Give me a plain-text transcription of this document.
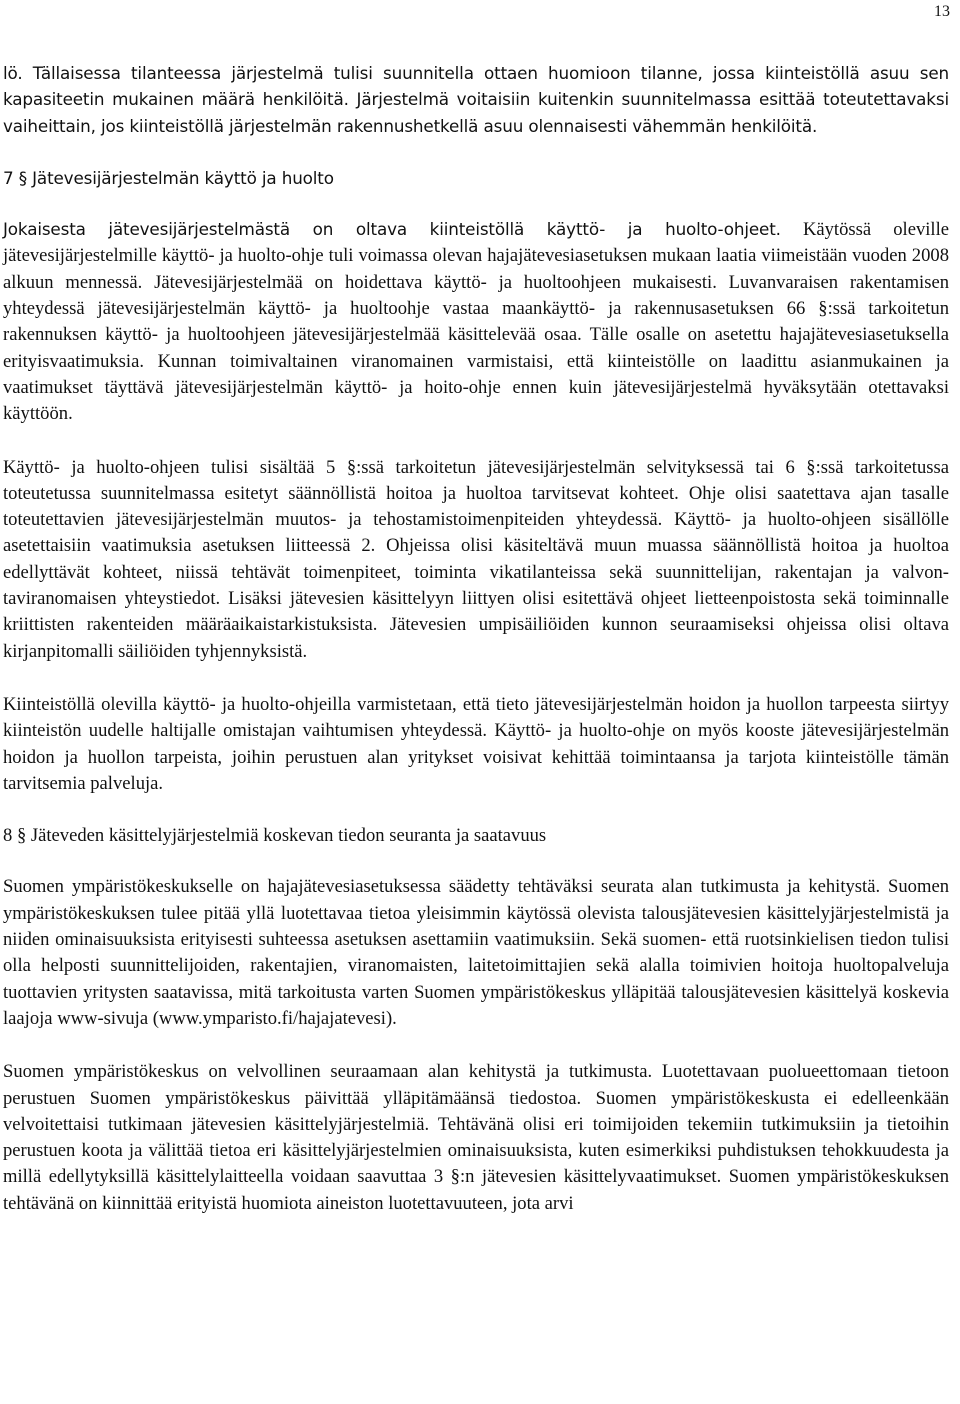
13

lö. Tällaisessa tilanteessa järjestelmä tulisi suunnitella ottaen huomioon tilanne, jossa kiinteistöllä asuu sen kapasiteetin mukainen määrä henkilöitä. Järjestelmä voitaisiin kuitenkin suunnitelmassa esittää toteutettavaksi vaiheittain, jos kiinteistöllä järjestelmän rakennushetkellä asuu olennaisesti vähemmän henkilöitä.

7 § Jätevesijärjestelmän käyttö ja huolto

Jokaisesta jätevesijärjestelmästä on oltava kiinteistöllä käyttö- ja huolto-ohjeet. Käytössä oleville jätevesijärjestelmille käyttö- ja huolto-ohje tuli voimassa olevan hajajätevesiasetuksen mukaan laatia viimeistään vuoden 2008 alkuun mennessä. Jätevesijärjestelmää on hoidettava käyttö- ja huoltoohjeen mukaisesti. Luvanvaraisen rakentamisen yhteydessä jätevesijärjestelmän käyttö- ja huoltoohje vastaa maankäyttö- ja rakennusasetuksen 66 §:ssä tarkoitetun rakennuksen käyttö- ja huoltoohjeen jätevesijärjestelmää käsittelevää osaa. Tälle osalle on asetettu hajajätevesiasetuksella erityisvaatimuksia. Kunnan toimivaltainen viranomainen varmistaisi, että kiinteistölle on laadittu asianmukainen ja vaatimukset täyttävä jätevesijärjestelmän käyttö- ja hoito-ohje ennen kuin jätevesijärjestelmä hyväksytään otettavaksi käyttöön.

Käyttö- ja huolto-ohjeen tulisi sisältää 5 §:ssä tarkoitetun jätevesijärjestelmän selvityksessä tai 6 §:ssä tarkoitetussa toteutetussa suunnitelmassa esitetyt säännöllistä hoitoa ja huoltoa tarvitsevat kohteet. Ohje olisi saatettava ajan tasalle toteutettavien jätevesijärjestelmän muutos- ja tehostamistoimenpiteiden yhteydessä. Käyttö- ja huolto-ohjeen sisällölle asetettaisiin vaatimuksia asetuksen liitteessä 2. Ohjeissa olisi käsiteltävä muun muassa säännöllistä hoitoa ja huoltoa edellyttävät kohteet, niissä tehtävät toimenpiteet, toiminta vikatilanteissa sekä suunnittelijan, rakentajan ja valvontaviranomaisen yhteystiedot. Lisäksi jätevesien käsittelyyn liittyen olisi esitettävä ohjeet lietteenpoistosta sekä toiminnalle kriittisten rakenteiden määräaikaistarkistuksista. Jätevesien umpisäiliöiden kunnon seuraamiseksi ohjeissa olisi oltava kirjanpitomalli säiliöiden tyhjennyksistä.

Kiinteistöllä olevilla käyttö- ja huolto-ohjeilla varmistetaan, että tieto jätevesijärjestelmän hoidon ja huollon tarpeesta siirtyy kiinteistön uudelle haltijalle omistajan vaihtumisen yhteydessä. Käyttö- ja huolto-ohje on myös kooste jätevesijärjestelmän hoidon ja huollon tarpeista, joihin perustuen alan yritykset voisivat kehittää toimintaansa ja tarjota kiinteistölle tämän tarvitsemia palveluja.

8 § Jäteveden käsittelyjärjestelmiä koskevan tiedon seuranta ja saatavuus

Suomen ympäristökeskukselle on hajajätevesiasetuksessa säädetty tehtäväksi seurata alan tutkimusta ja kehitystä. Suomen ympäristökeskuksen tulee pitää yllä luotettavaa tietoa yleisimmin käytössä olevista talousjätevesien käsittelyjärjestelmistä ja niiden ominaisuuksista erityisesti suhteessa asetuksen asettamiin vaatimuksiin. Sekä suomen- että ruotsinkielisen tiedon tulisi olla helposti suunnittelijoiden, rakentajien, viranomaisten, laitetoimittajien sekä alalla toimivien hoitoja huoltopalveluja tuottavien yritysten saatavissa, mitä tarkoitusta varten Suomen ympäristökeskus ylläpitää talousjätevesien käsittelyä koskevia laajoja www-sivuja (www.ymparisto.fi/hajajatevesi).

Suomen ympäristökeskus on velvollinen seuraamaan alan kehitystä ja tutkimusta. Luotettavaan puolueettomaan tietoon perustuen Suomen ympäristökeskus päivittää ylläpitämäänsä tiedostoa. Suomen ympäristökeskusta ei edelleenkään velvoitettaisi tutkimaan jätevesien käsittelyjärjestelmiä. Tehtävänä olisi eri toimijoiden tekemiin tutkimuksiin ja tietoihin perustuen koota ja välittää tietoa eri käsittelyjärjestelmien ominaisuuksista, kuten esimerkiksi puhdistuksen tehokkuudesta ja millä edellytyksillä käsittelylaitteella voidaan saavuttaa 3 §:n jätevesien käsittelyvaatimukset. Suomen ympäristökeskuksen tehtävänä on kiinnittää erityistä huomiota aineiston luotettavuuteen, jota arvi
